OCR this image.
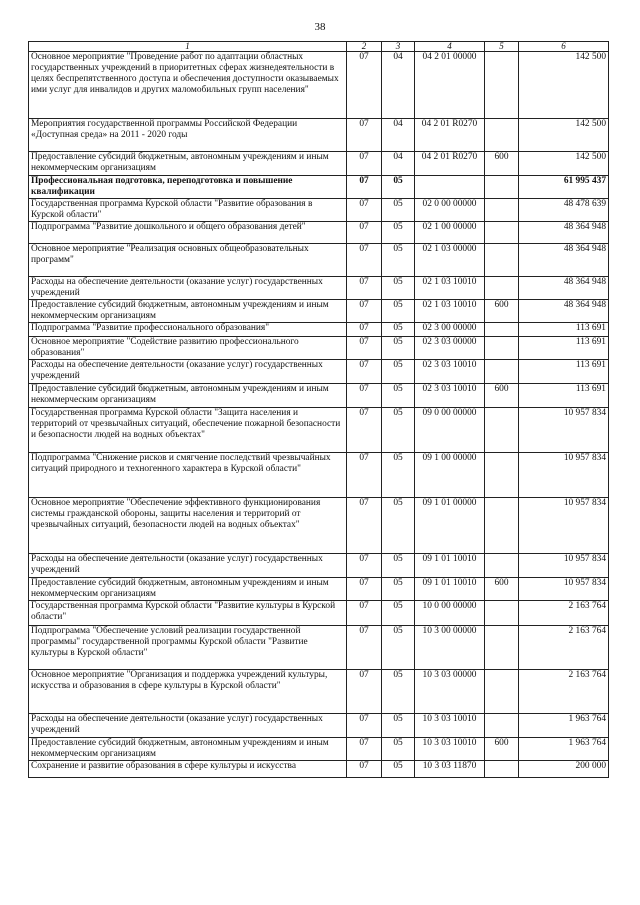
38
1	2	3	4	5	6
Основное мероприятие "Проведение работ по адаптации областных государственных учреждений в приоритетных сферах жизнедеятельности в целях беспрепятственного доступа и обеспечения доступности оказываемых ими услуг для инвалидов и других маломобильных групп населения"	07	04	04 2 01 00000		142 500
Мероприятия государственной программы Российской Федерации «Доступная среда» на 2011 - 2020 годы	07	04	04 2 01 R0270		142 500
Предоставление субсидий бюджетным, автономным учреждениям и иным некоммерческим организациям	07	04	04 2 01 R0270	600	142 500
Профессиональная подготовка, переподготовка и повышение квалификации	07	05			61 995 437
Государственная программа Курской области "Развитие образования в Курской области"	07	05	02 0 00 00000		48 478 639
Подпрограмма "Развитие дошкольного и общего образования детей"	07	05	02 1 00 00000		48 364 948
Основное мероприятие "Реализация основных общеобразовательных программ"	07	05	02 1 03 00000		48 364 948
Расходы на обеспечение деятельности (оказание услуг) государственных учреждений	07	05	02 1 03 10010		48 364 948
Предоставление субсидий бюджетным, автономным учреждениям и иным некоммерческим организациям	07	05	02 1 03 10010	600	48 364 948
Подпрограмма "Развитие профессионального образования"	07	05	02 3 00 00000		113 691
Основное мероприятие "Содействие развитию профессионального образования"	07	05	02 3 03 00000		113 691
Расходы на обеспечение деятельности (оказание услуг) государственных учреждений	07	05	02 3 03 10010		113 691
Предоставление субсидий бюджетным, автономным учреждениям и иным некоммерческим организациям	07	05	02 3 03 10010	600	113 691
Государственная программа Курской области "Защита населения и территорий от чрезвычайных ситуаций, обеспечение пожарной безопасности и безопасности людей на водных объектах"	07	05	09 0 00 00000		10 957 834
Подпрограмма "Снижение рисков и смягчение последствий чрезвычайных ситуаций природного и техногенного характера в Курской области"	07	05	09 1 00 00000		10 957 834
Основное мероприятие "Обеспечение эффективного функционирования системы гражданской обороны, защиты населения и территорий от чрезвычайных ситуаций, безопасности людей на водных объектах"	07	05	09 1 01 00000		10 957 834
Расходы на обеспечение деятельности (оказание услуг) государственных учреждений	07	05	09 1 01 10010		10 957 834
Предоставление субсидий бюджетным, автономным учреждениям и иным некоммерческим организациям	07	05	09 1 01 10010	600	10 957 834
Государственная программа Курской области "Развитие культуры в Курской области"	07	05	10 0 00 00000		2 163 764
Подпрограмма "Обеспечение условий реализации государственной программы" государственной программы Курской области "Развитие культуры в Курской области"	07	05	10 3 00 00000		2 163 764
Основное мероприятие "Организация и поддержка учреждений культуры, искусства и образования в сфере культуры в Курской области"	07	05	10 3 03 00000		2 163 764
Расходы на обеспечение деятельности (оказание услуг) государственных учреждений	07	05	10 3 03 10010		1 963 764
Предоставление субсидий бюджетным, автономным учреждениям и иным некоммерческим организациям	07	05	10 3 03 10010	600	1 963 764
Сохранение и развитие образования в сфере культуры и искусства	07	05	10 3 03 11870		200 000
